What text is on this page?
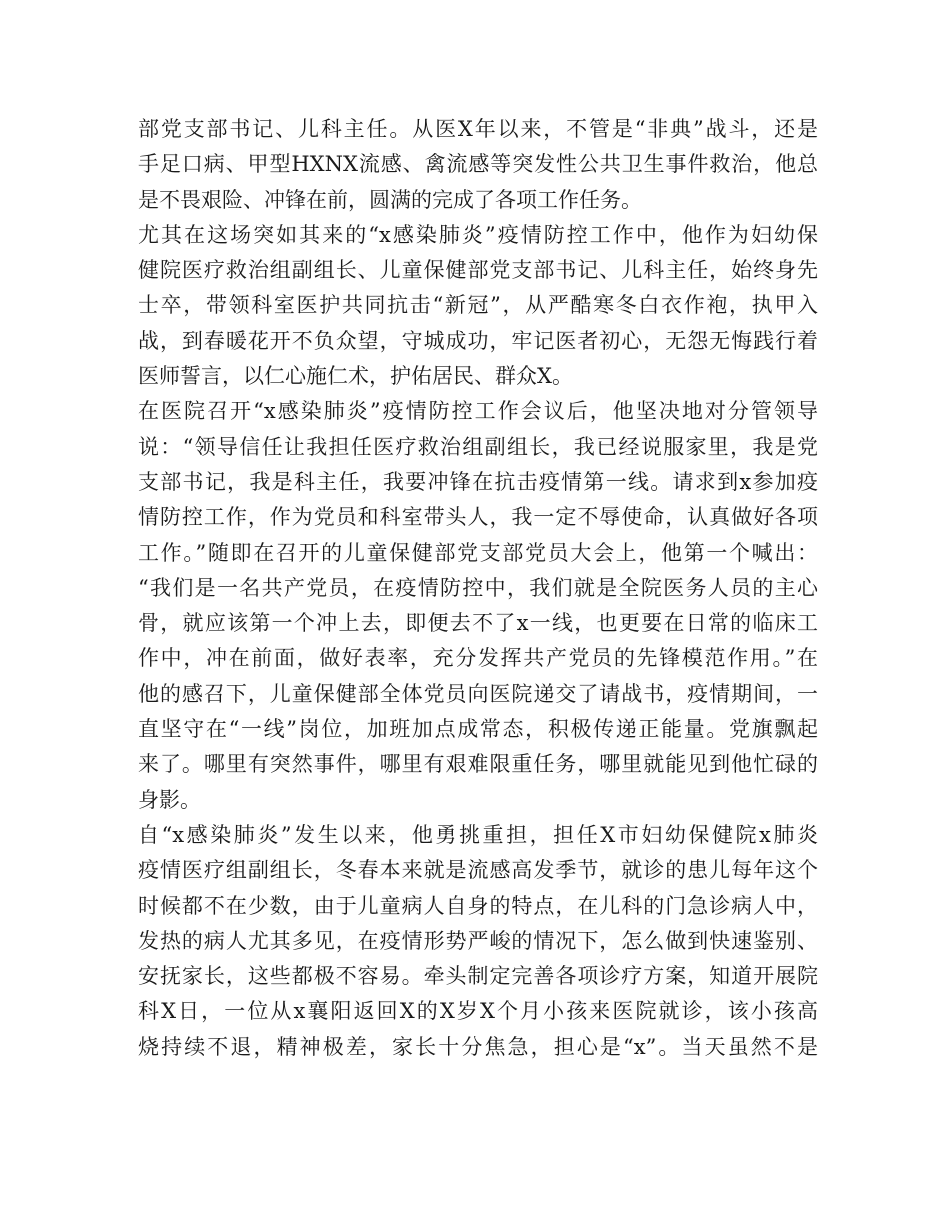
部党支部书记、儿科主任。从医X年以来，不管是“非典”战斗，还是
手足口病、甲型HXNX流感、禽流感等突发性公共卫生事件救治，他总
是不畏艰险、冲锋在前，圆满的完成了各项工作任务。
尤其在这场突如其来的“x感染肺炎”疫情防控工作中，他作为妇幼保
健院医疗救治组副组长、儿童保健部党支部书记、儿科主任，始终身先
士卒，带领科室医护共同抗击“新冠”，从严酷寒冬白衣作袍，执甲入
战，到春暖花开不负众望，守城成功，牢记医者初心，无怨无悔践行着
医师誓言，以仁心施仁术，护佑居民、群众X。
在医院召开“x感染肺炎”疫情防控工作会议后，他坚决地对分管领导
说：“领导信任让我担任医疗救治组副组长，我已经说服家里，我是党
支部书记，我是科主任，我要冲锋在抗击疫情第一线。请求到x参加疫
情防控工作，作为党员和科室带头人，我一定不辱使命，认真做好各项
工作。”随即在召开的儿童保健部党支部党员大会上，他第一个喊出：
“我们是一名共产党员，在疫情防控中，我们就是全院医务人员的主心
骨，就应该第一个冲上去，即便去不了x一线，也更要在日常的临床工
作中，冲在前面，做好表率，充分发挥共产党员的先锋模范作用。”在
他的感召下，儿童保健部全体党员向医院递交了请战书，疫情期间，一
直坚守在“一线”岗位，加班加点成常态，积极传递正能量。党旗飘起
来了。哪里有突然事件，哪里有艰难限重任务，哪里就能见到他忙碌的
身影。
自“x感染肺炎”发生以来，他勇挑重担，担任X市妇幼保健院x肺炎
疫情医疗组副组长，冬春本来就是流感高发季节，就诊的患儿每年这个
时候都不在少数，由于儿童病人自身的特点，在儿科的门急诊病人中，
发热的病人尤其多见，在疫情形势严峻的情况下，怎么做到快速鉴别、
安抚家长，这些都极不容易。牵头制定完善各项诊疗方案，知道开展院
科X日，一位从x襄阳返回X的X岁X个月小孩来医院就诊，该小孩高
烧持续不退，精神极差，家长十分焦急，担心是“x”。当天虽然不是
